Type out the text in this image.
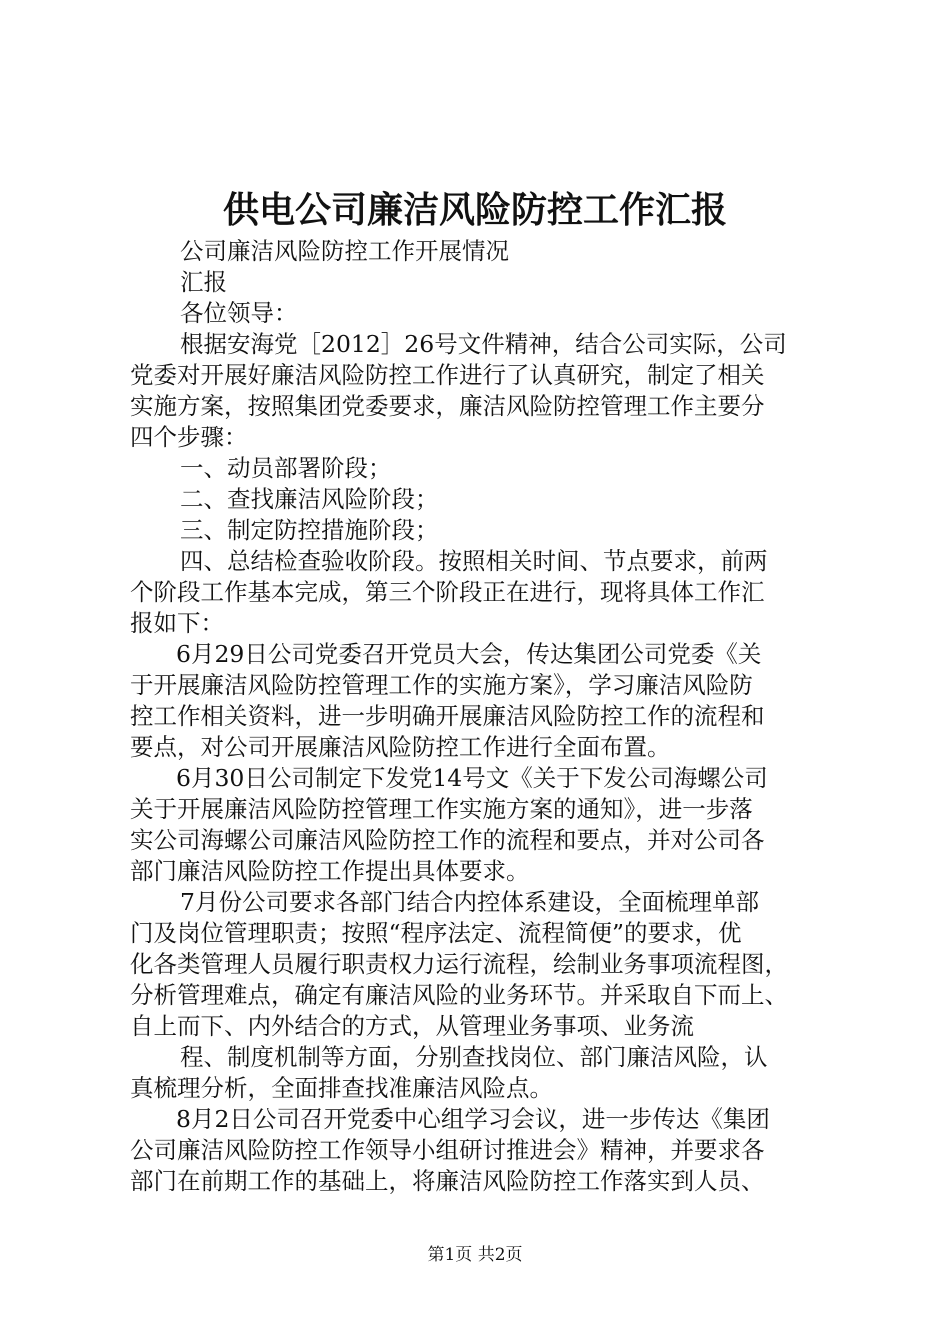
供电公司廉洁风险防控工作汇报
公司廉洁风险防控工作开展情况
汇报
各位领导：
根据安海党［2012］26号文件精神，结合公司实际，公司
党委对开展好廉洁风险防控工作进行了认真研究，制定了相关
实施方案，按照集团党委要求，廉洁风险防控管理工作主要分
四个步骤：
一、动员部署阶段；
二、查找廉洁风险阶段；
三、制定防控措施阶段；
四、总结检查验收阶段。按照相关时间、节点要求，前两
个阶段工作基本完成，第三个阶段正在进行，现将具体工作汇
报如下：
6月29日公司党委召开党员大会，传达集团公司党委《关
于开展廉洁风险防控管理工作的实施方案》，学习廉洁风险防
控工作相关资料，进一步明确开展廉洁风险防控工作的流程和
要点，对公司开展廉洁风险防控工作进行全面布置。
6月30日公司制定下发党14号文《关于下发公司海螺公司
关于开展廉洁风险防控管理工作实施方案的通知》，进一步落
实公司海螺公司廉洁风险防控工作的流程和要点，并对公司各
部门廉洁风险防控工作提出具体要求。
7月份公司要求各部门结合内控体系建设，全面梳理单部
门及岗位管理职责；按照“程序法定、流程简便”的要求，优
化各类管理人员履行职责权力运行流程，绘制业务事项流程图，
分析管理难点，确定有廉洁风险的业务环节。并采取自下而上、
自上而下、内外结合的方式，从管理业务事项、业务流
程、制度机制等方面，分别查找岗位、部门廉洁风险，认
真梳理分析，全面排查找准廉洁风险点。
8月2日公司召开党委中心组学习会议，进一步传达《集团
公司廉洁风险防控工作领导小组研讨推进会》精神，并要求各
部门在前期工作的基础上，将廉洁风险防控工作落实到人员、
第1页 共2页
